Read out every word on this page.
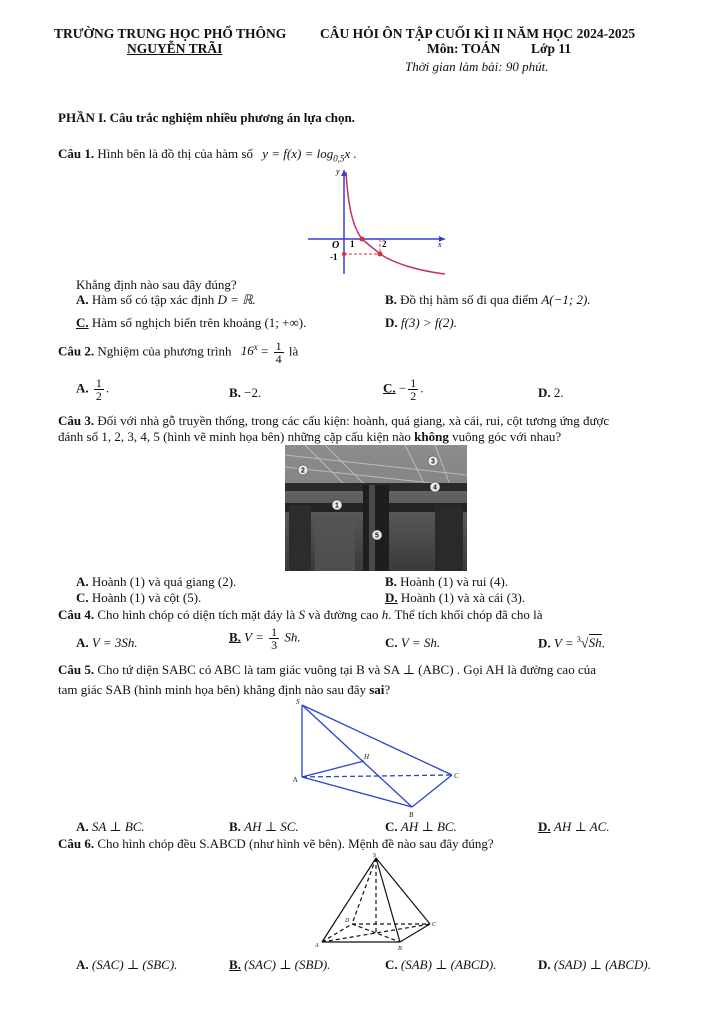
TRƯỜNG TRUNG HỌC PHỔ THÔNG
NGUYỄN TRÃI
CÂU HỎI ÔN TẬP CUỐI KÌ II NĂM HỌC 2024-2025
Môn: TOÁN Lớp 11
Thời gian làm bài: 90 phút.
PHẦN I. Câu trắc nghiệm nhiều phương án lựa chọn.
Câu 1. Hình bên là đồ thị của hàm số $y = f(x) = \log_{0,5}x$ .
y
x
O 1	2
-1
Khẳng định nào sau đây đúng?
A. Hàm số có tập xác định D = ℝ.	B. Đồ thị hàm số đi qua điểm A(−1; 2).
C. Hàm số nghịch biến trên khoảng (1; +∞).	D. f(3) > f(2).
Câu 2. Nghiệm của phương trình $16^x = \frac{1}{4}$ là
A. $\frac{1}{2}$ .	B. −2.	C. − $\frac{1}{2}$ .	D. 2.
Câu 3. Đối với nhà gỗ truyền thống, trong các cấu kiện: hoành, quá giang, xà cái, rui, cột tương ứng được
đánh số 1, 2, 3, 4, 5 (hình vẽ minh họa bên) những cặp cấu kiện nào không vuông góc với nhau?
1
2
3
4
5
A. Hoành (1) và quá giang (2).	B. Hoành (1) và rui (4).
C. Hoành (1) và cột (5).	D. Hoành (1) và xà cái (3).
Câu 4. Cho hình chóp có diện tích mặt đáy là S và đường cao h. Thể tích khối chóp đã cho là
A. V = 3Sh.	B. $V = \frac{1}{3} Sh$.	C. V = Sh.	D. V = $^3$√Sh.
Câu 5. Cho tứ diện SABC có ABC là tam giác vuông tại B và SA ⊥ (ABC) . Gọi AH là đường cao của
tam giác SAB (hình minh họa bên) khẳng định nào sau đây sai?
S
A
B
C
H
A. SA ⊥ BC.	B. AH ⊥ SC.	C. AH ⊥ BC.	D. AH ⊥ AC.
Câu 6. Cho hình chóp đều S.ABCD (như hình vẽ bên). Mệnh đề nào sau đây đúng?
S
A	B
C
D
A. (SAC) ⊥ (SBC).	B. (SAC) ⊥ (SBD).	C. (SAB) ⊥ (ABCD).	D. (SAD) ⊥ (ABCD).
